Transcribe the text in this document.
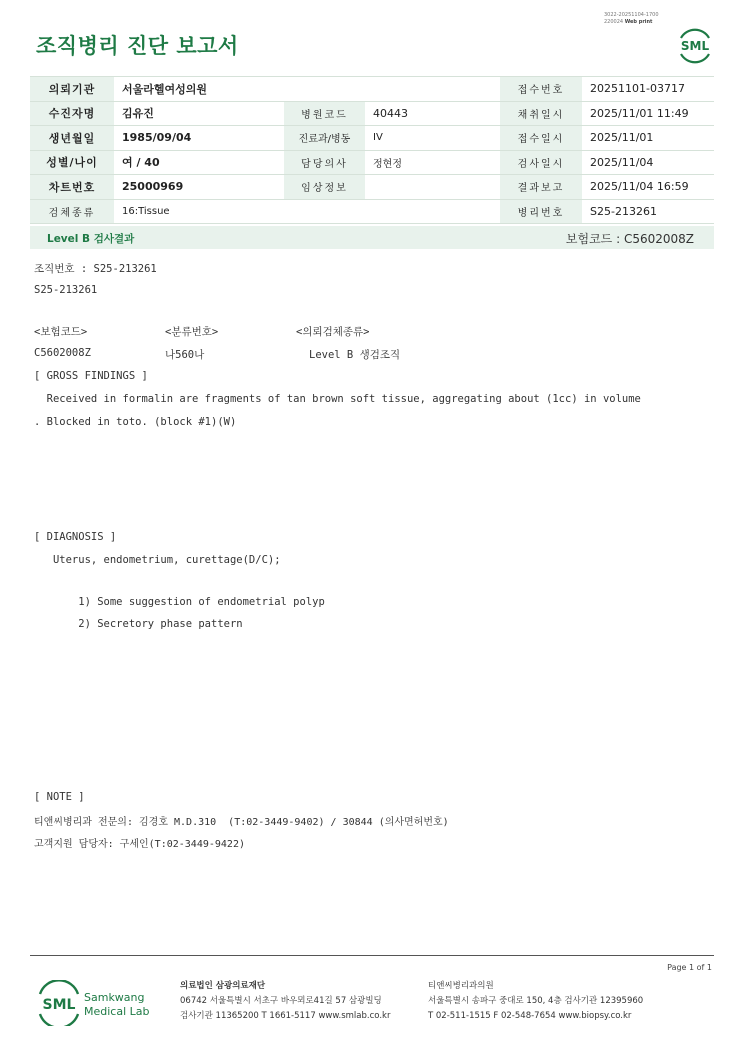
조직병리 진단 보고서
3022-20251104-1700
220024 Web print
SML
의뢰기관	서울라헬여성의원			접수번호	20251101-03717
수진자명	김유진	병원코드	40443	채취일시	2025/11/01 11:49
생년월일	1985/09/04	진료과/병동	IV	접수일시	2025/11/01
성별/나이	여 / 40	담당의사	정현정	검사일시	2025/11/04
차트번호	25000969	임상정보		결과보고	2025/11/04 16:59
검체종류	16:Tissue			병리번호	S25-213261
Level B 검사결과	보험코드 : C5602008Z
조직번호 : S25-213261
S25-213261
<보험코드>	<분류번호>	<의뢰검체종류>
C5602008Z	나560나	Level B 생검조직
[ GROSS FINDINGS ]
Received in formalin are fragments of tan brown soft tissue, aggregating about (1cc) in volume
. Blocked in toto. (block #1)(W)
[ DIAGNOSIS ]
Uterus, endometrium, curettage(D/C);
1) Some suggestion of endometrial polyp
2) Secretory phase pattern
[ NOTE ]
티앤씨병리과 전문의: 김경호 M.D.310  (T:02-3449-9402) / 30844 (의사면허번호)
고객지원 담당자: 구세인(T:02-3449-9422)
Page 1 of 1
SML Samkwang
Medical Lab
의료법인 삼광의료재단
06742 서울특별시 서초구 바우뫼로41길 57 삼광빌딩
검사기관 11365200 T 1661-5117 www.smlab.co.kr
티앤씨병리과의원
서울특별시 송파구 중대로 150, 4층 검사기관 12395960
T 02-511-1515 F 02-548-7654 www.biopsy.co.kr
